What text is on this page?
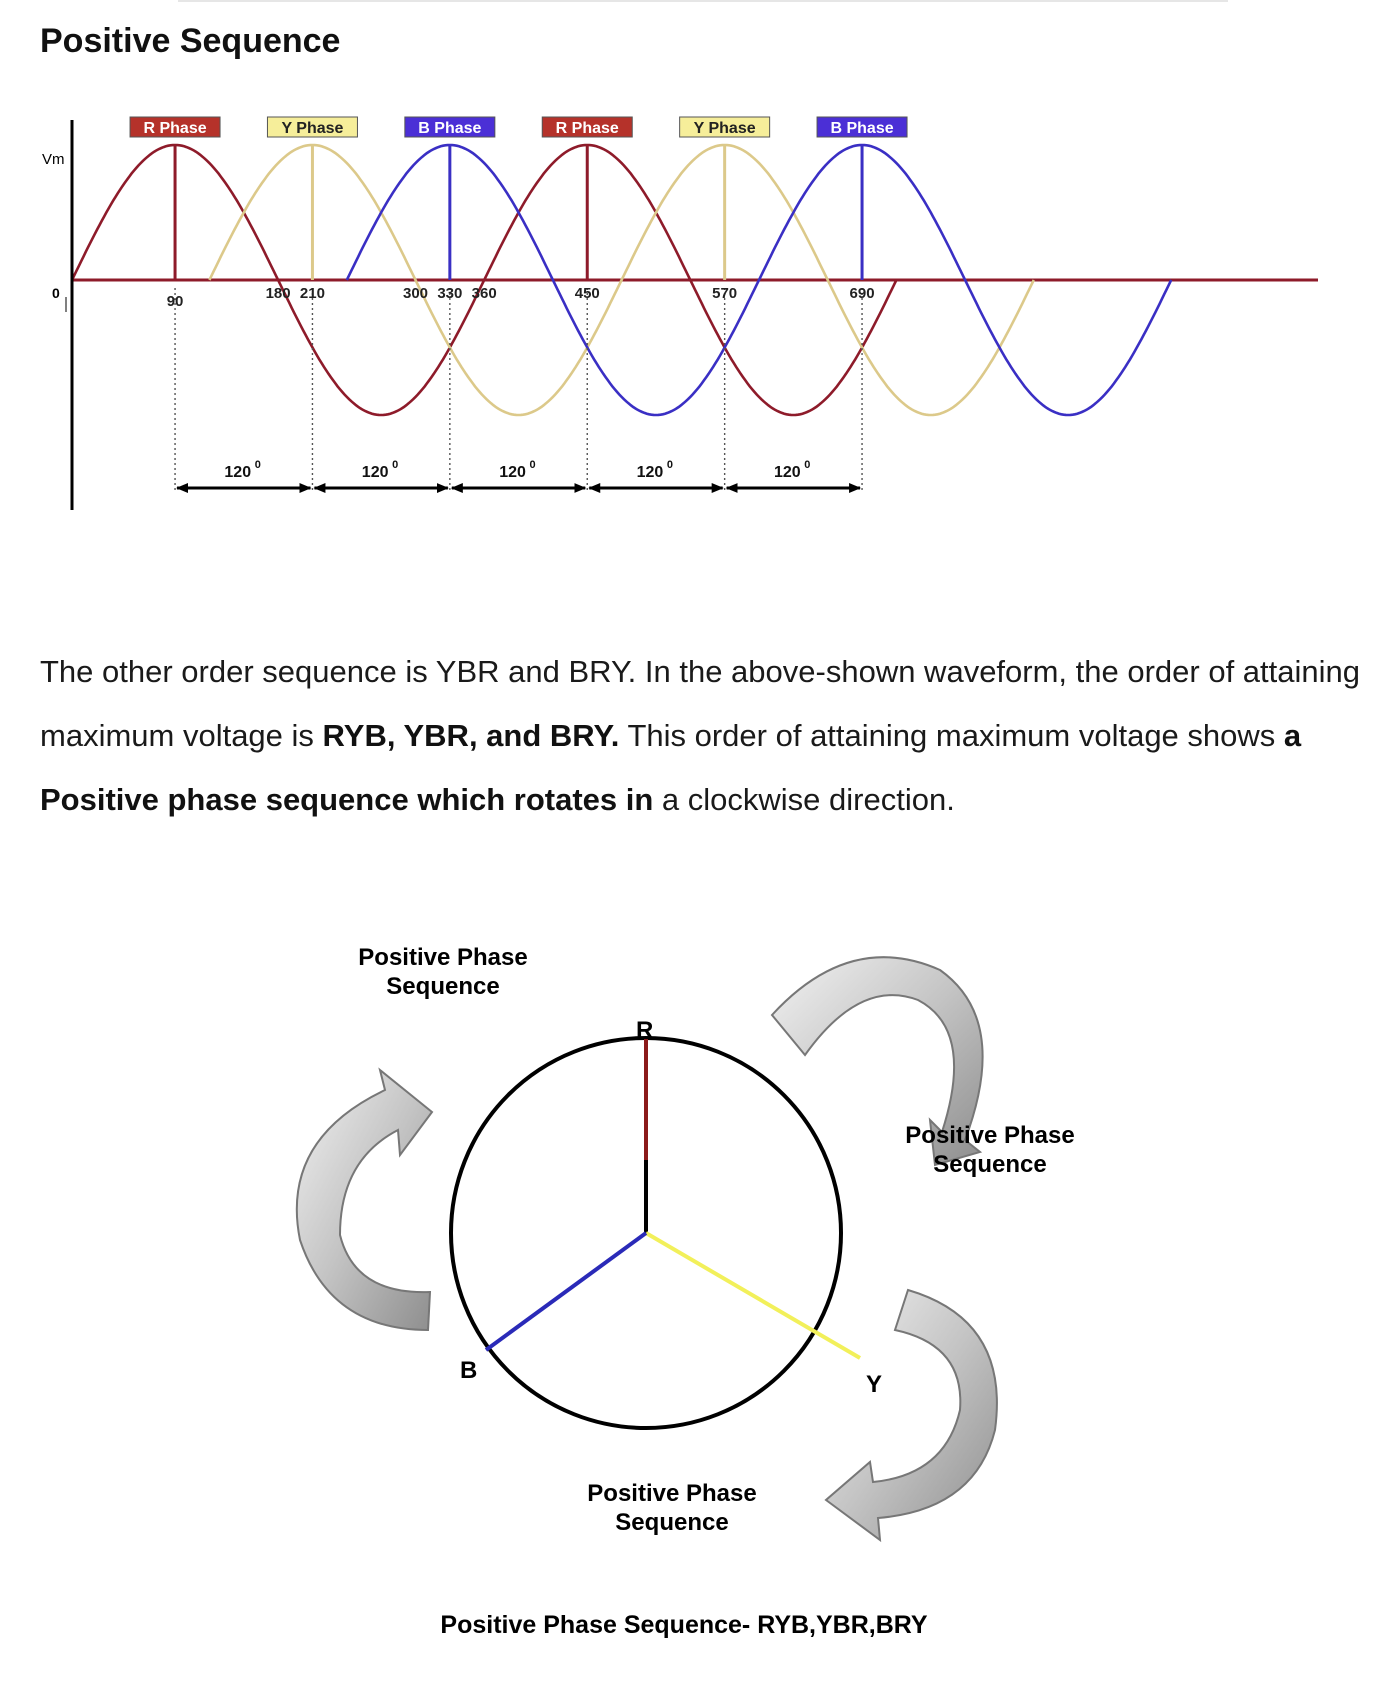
Positive Sequence
Vm
0
R Phase	Y Phase	B Phase	R Phase	Y Phase	B Phase
90	180 210	300 330 360	450	570	690
120 0	120 0	120 0	120 0	120 0

The other order sequence is YBR and BRY. In the above-shown waveform, the order of attaining maximum voltage is RYB, YBR, and BRY. This order of attaining maximum voltage shows a Positive phase sequence which rotates in a clockwise direction.

R
Y
B
Positive Phase
Sequence
Positive Phase
Sequence
Positive Phase
Sequence
Positive Phase Sequence- RYB,YBR,BRY
